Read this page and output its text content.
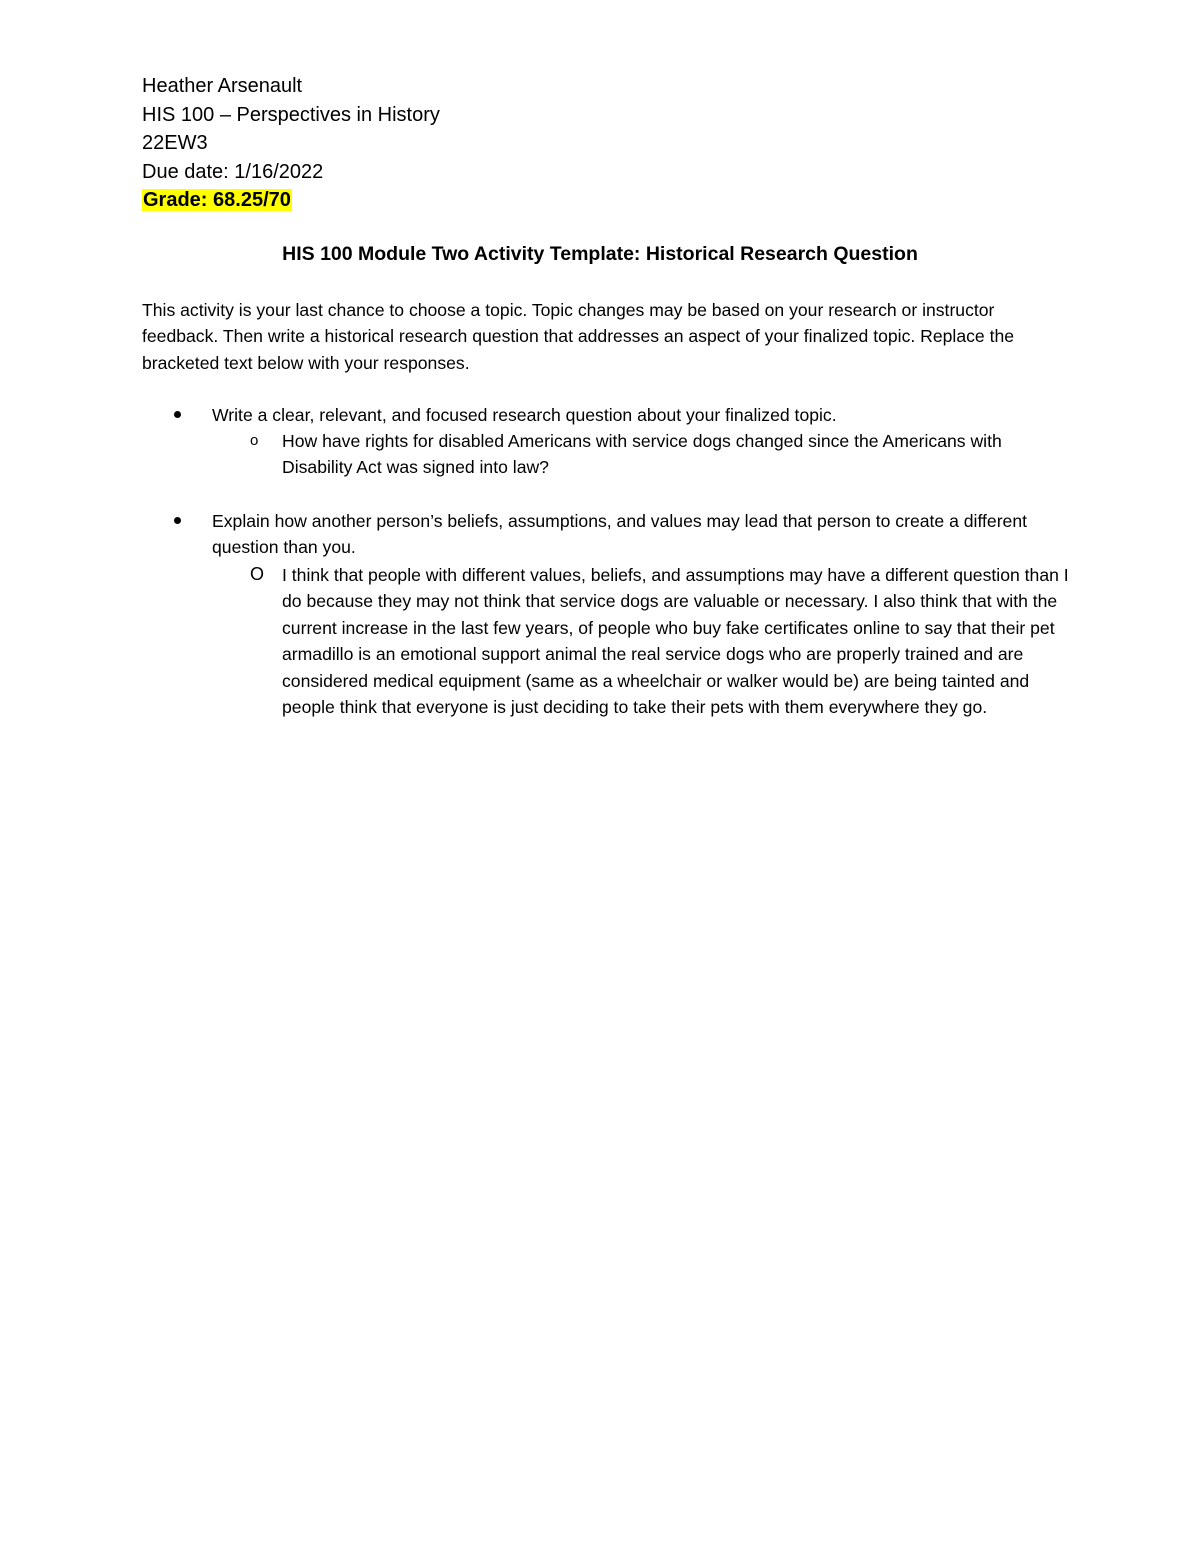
Heather Arsenault
HIS 100 – Perspectives in History
22EW3
Due date: 1/16/2022
Grade: 68.25/70
HIS 100 Module Two Activity Template: Historical Research Question

This activity is your last chance to choose a topic. Topic changes may be based on your research or instructor feedback. Then write a historical research question that addresses an aspect of your finalized topic. Replace the bracketed text below with your responses.

Write a clear, relevant, and focused research question about your finalized topic.
o How have rights for disabled Americans with service dogs changed since the Americans with Disability Act was signed into law?
Explain how another person’s beliefs, assumptions, and values may lead that person to create a different question than you.
O I think that people with different values, beliefs, and assumptions may have a different question than I do because they may not think that service dogs are valuable or necessary. I also think that with the current increase in the last few years, of people who buy fake certificates online to say that their pet armadillo is an emotional support animal the real service dogs who are properly trained and are considered medical equipment (same as a wheelchair or walker would be) are being tainted and people think that everyone is just deciding to take their pets with them everywhere they go.
